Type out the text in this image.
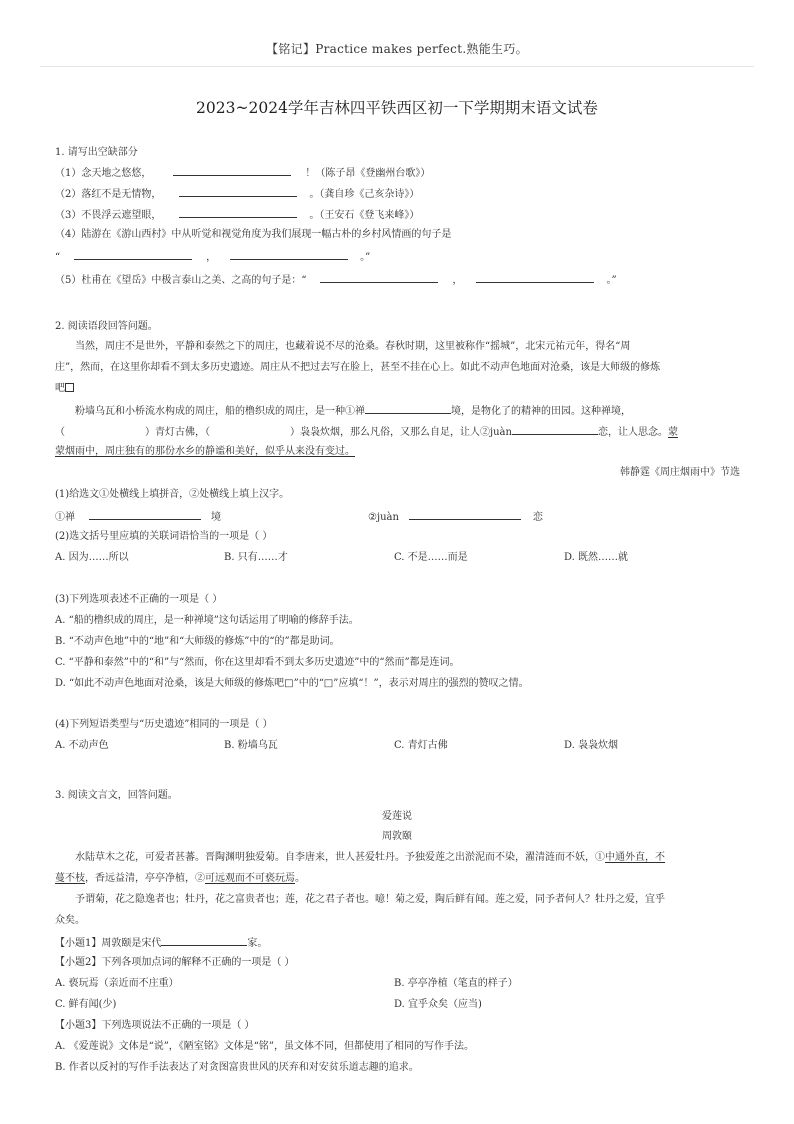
【铭记】Practice makes perfect.熟能生巧。
2023~2024学年吉林四平铁西区初一下学期期末语文试卷
1. 请写出空缺部分
（1）念天地之悠悠，	！（陈子昂《登幽州台歌》）
（2）落红不是无情物，	。（龚自珍《己亥杂诗》）
（3）不畏浮云遮望眼，	。（王安石《登飞来峰》）
（4）陆游在《游山西村》中从听觉和视觉角度为我们展现一幅古朴的乡村风情画的句子是
“	，	。”
（5）杜甫在《望岳》中极言泰山之美、之高的句子是：“	，	。”
2. 阅读语段回答问题。
当然，周庄不是世外，平静和泰然之下的周庄，也藏着说不尽的沧桑。春秋时期，这里被称作“摇城”，北宋元祐元年，得名“周
庄”，然而，在这里你却看不到太多历史遗迹。周庄从不把过去写在脸上，甚至不挂在心上。如此不动声色地面对沧桑，该是大师级的修炼
吧
粉墙乌瓦和小桥流水构成的周庄，船的橹织成的周庄，是一种①禅	境，是物化了的精神的田园。这种禅境，
（	）青灯古佛，（	）袅袅炊烟，那么凡俗，又那么自足，让人②juàn	恋，让人思念。蒙
蒙烟雨中，周庄独有的那份水乡的静谧和美好，似乎从来没有变过。
韩静霆《周庄烟雨中》节选
(1)给选文①处横线上填拼音，②处横线上填上汉字。
①禅	境	②juàn	恋
(2)选文括号里应填的关联词语恰当的一项是（ ）
A. 因为……所以	B. 只有……才	C. 不是……而是	D. 既然……就
(3)下列选项表述不正确的一项是（ ）
A. “船的橹织成的周庄，是一种禅境”这句话运用了明喻的修辞手法。
B. “不动声色地”中的“地”和“大师级的修炼”中的“的”都是助词。
C. “平静和泰然”中的“和”与“然而，你在这里却看不到太多历史遗迹”中的“然而”都是连词。
D. “如此不动声色地面对沧桑，该是大师级的修炼吧□”中的“□”应填“！”，表示对周庄的强烈的赞叹之情。
(4)下列短语类型与“历史遗迹”相同的一项是（ ）
A. 不动声色	B. 粉墙乌瓦	C. 青灯古佛	D. 袅袅炊烟
3. 阅读文言文，回答问题。
爱莲说
周敦颐
水陆草木之花，可爱者甚蕃。晋陶渊明独爱菊。自李唐来，世人甚爱牡丹。予独爱莲之出淤泥而不染，濯清涟而不妖，①中通外直，不
蔓不枝，香远益清，亭亭净植，②可远观而不可亵玩焉。
予谓菊，花之隐逸者也；牡丹，花之富贵者也；莲，花之君子者也。噫！菊之爱，陶后鲜有闻。莲之爱，同予者何人？牡丹之爱，宜乎
众矣。
【小题1】周敦颐是宋代	家。
【小题2】下列各项加点词的解释不正确的一项是（ ）
A. 亵玩焉（亲近而不庄重）	B. 亭亭净植（笔直的样子）
C. 鲜有闻(少)	D. 宜乎众矣（应当)
【小题3】下列选项说法不正确的一项是（ ）
A. 《爱莲说》文体是“说”，《陋室铭》文体是“铭”，虽文体不同，但都使用了相同的写作手法。
B. 作者以反衬的写作手法表达了对贪图富贵世风的厌弃和对安贫乐道志趣的追求。
